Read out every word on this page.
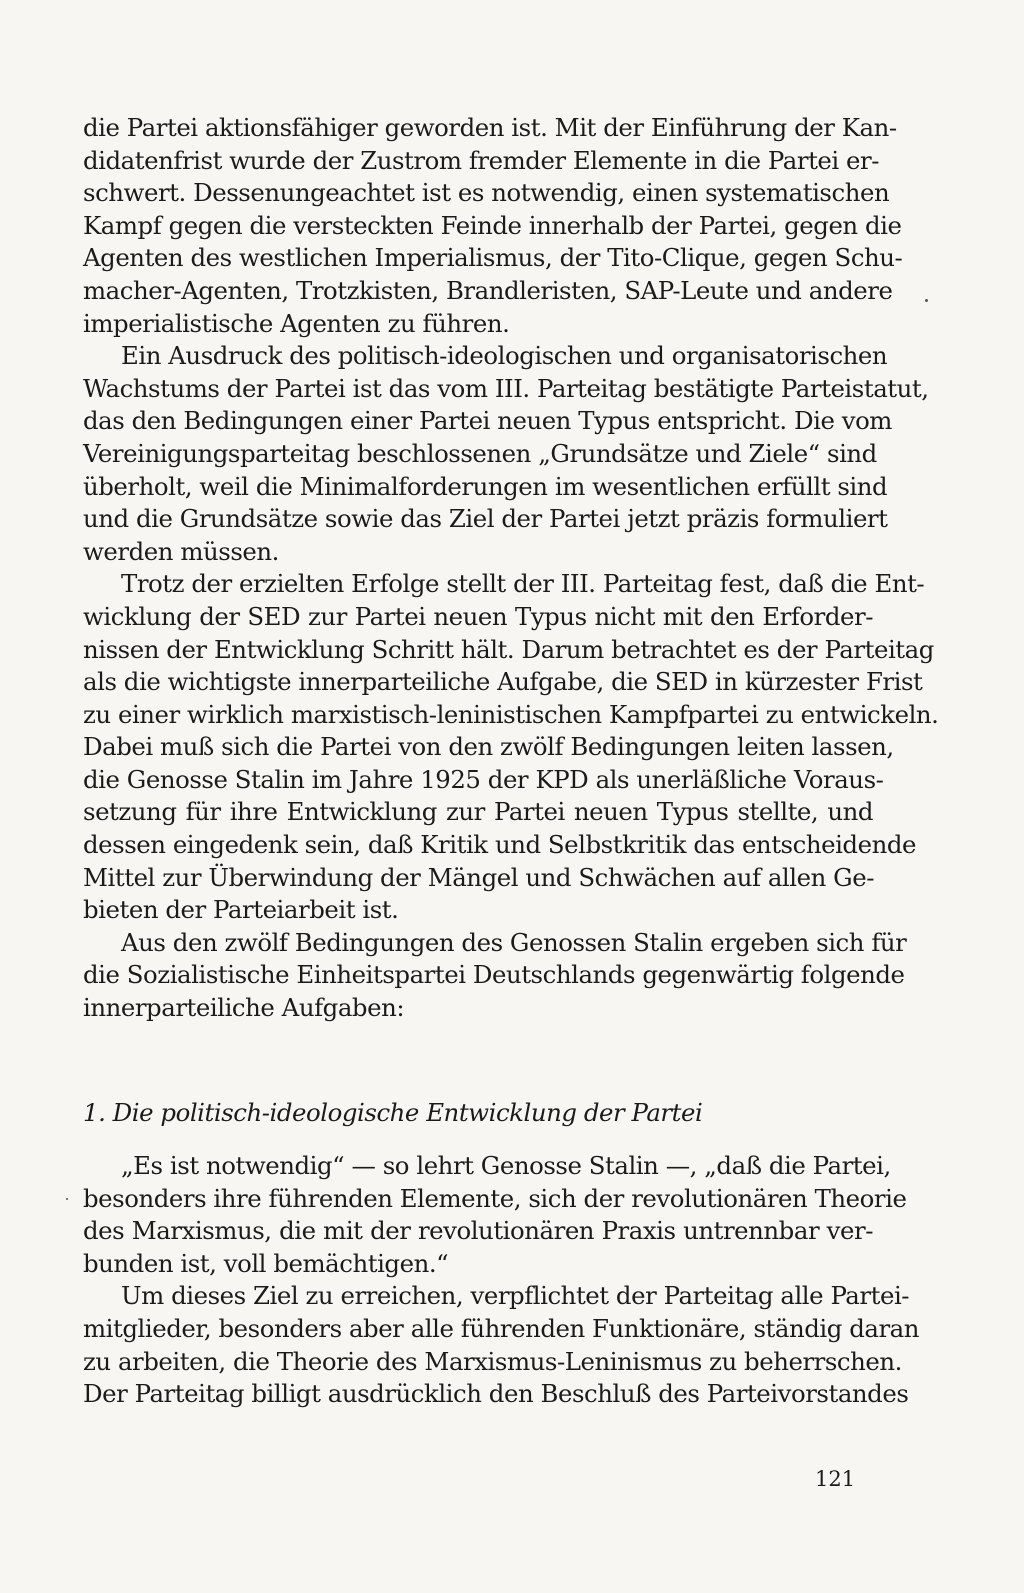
die Partei aktionsfähiger geworden ist. Mit der Einführung der Kan-
didatenfrist wurde der Zustrom fremder Elemente in die Partei er-
schwert. Dessenungeachtet ist es notwendig, einen systematischen
Kampf gegen die versteckten Feinde innerhalb der Partei, gegen die
Agenten des westlichen Imperialismus, der Tito-Clique, gegen Schu-
macher-Agenten, Trotzkisten, Brandleristen, SAP-Leute und andere
imperialistische Agenten zu führen.
Ein Ausdruck des politisch-ideologischen und organisatorischen
Wachstums der Partei ist das vom III. Parteitag bestätigte Parteistatut,
das den Bedingungen einer Partei neuen Typus entspricht. Die vom
Vereinigungsparteitag beschlossenen „Grundsätze und Ziele“ sind
überholt, weil die Minimalforderungen im wesentlichen erfüllt sind
und die Grundsätze sowie das Ziel der Partei jetzt präzis formuliert
werden müssen.
Trotz der erzielten Erfolge stellt der III. Parteitag fest, daß die Ent-
wicklung der SED zur Partei neuen Typus nicht mit den Erforder-
nissen der Entwicklung Schritt hält. Darum betrachtet es der Parteitag
als die wichtigste innerparteiliche Aufgabe, die SED in kürzester Frist
zu einer wirklich marxistisch-leninistischen Kampfpartei zu entwickeln.
Dabei muß sich die Partei von den zwölf Bedingungen leiten lassen,
die Genosse Stalin im Jahre 1925 der KPD als unerläßliche Voraus-
setzung für ihre Entwicklung zur Partei neuen Typus stellte, und
dessen eingedenk sein, daß Kritik und Selbstkritik das entscheidende
Mittel zur Überwindung der Mängel und Schwächen auf allen Ge-
bieten der Parteiarbeit ist.
Aus den zwölf Bedingungen des Genossen Stalin ergeben sich für
die Sozialistische Einheitspartei Deutschlands gegenwärtig folgende
innerparteiliche Aufgaben:
1. Die politisch-ideologische Entwicklung der Partei
„Es ist notwendig“ — so lehrt Genosse Stalin —, „daß die Partei,
besonders ihre führenden Elemente, sich der revolutionären Theorie
des Marxismus, die mit der revolutionären Praxis untrennbar ver-
bunden ist, voll bemächtigen.“
Um dieses Ziel zu erreichen, verpflichtet der Parteitag alle Partei-
mitglieder, besonders aber alle führenden Funktionäre, ständig daran
zu arbeiten, die Theorie des Marxismus-Leninismus zu beherrschen.
Der Parteitag billigt ausdrücklich den Beschluß des Parteivorstandes
121
